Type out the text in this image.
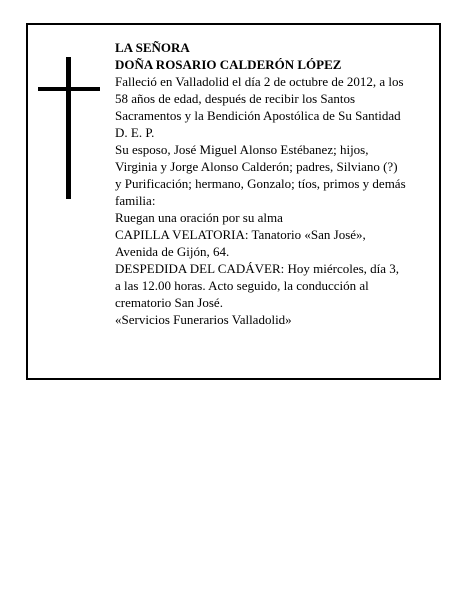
LA SEÑORA

DOÑA ROSARIO CALDERÓN LÓPEZ

Falleció en Valladolid el día 2 de octubre de 2012, a los
58 años de edad, después de recibir los Santos
Sacramentos y la Bendición Apostólica de Su Santidad

D. E. P.

Su esposo, José Miguel Alonso Estébanez; hijos,
Virginia y Jorge Alonso Calderón; padres, Silviano (?)
y Purificación; hermano, Gonzalo; tíos, primos y demás
familia:

Ruegan una oración por su alma

CAPILLA VELATORIA: Tanatorio «San José»,
Avenida de Gijón, 64.

DESPEDIDA DEL CADÁVER: Hoy miércoles, día 3,
a las 12.00 horas. Acto seguido, la conducción al
crematorio San José.

«Servicios Funerarios Valladolid»
